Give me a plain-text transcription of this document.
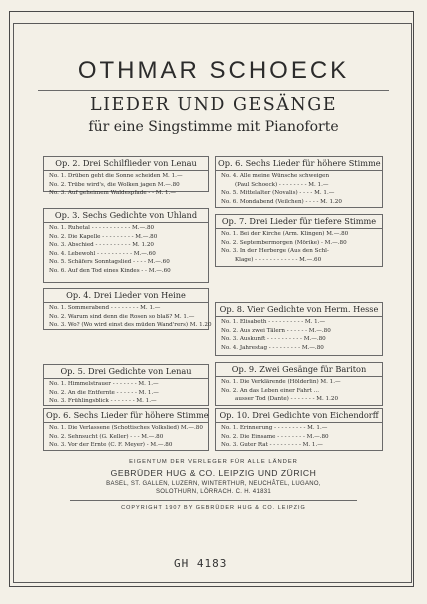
OTHMAR SCHOECK
LIEDER UND GESÄNGE
für eine Singstimme mit Pianoforte
Op. 2. Drei Schilflieder von Lenau
No. 1. Drüben geht die Sonne scheiden M. 1.—
No. 2. Trübe wird's, die Wolken jagen M.—.80
No. 3. Auf geheimem Waldespfade - - M. 1.—
Op. 3. Sechs Gedichte von Uhland
No. 1. Ruhetal - - - - - - - - - - - M.—.80
No. 2. Die Kapelle - - - - - - - - - M.—.80
No. 3. Abschied - - - - - - - - - - M. 1.20
No. 4. Lebewohl - - - - - - - - - - M.—.60
No. 5. Schäfers Sonntagslied - - - - M.—.60
No. 6. Auf den Tod eines Kindes - - M.—.60
Op. 4. Drei Lieder von Heine
No. 1. Sommerabend - - - - - - - - M. 1.—
No. 2. Warum sind denn die Rosen so blaß? M. 1.—
No. 3. Wo? (Wo wird einst des müden Wand'rers) M. 1.20
Op. 5. Drei Gedichte von Lenau
No. 1. Himmelstrauer - - - - - - - M. 1.—
No. 2. An die Entfernte - - - - - - M. 1.—
No. 3. Frühlingsblick - - - - - - - M. 1.—
Op. 6. Sechs Lieder für höhere Stimme
No. 1. Die Verlassene (Schottisches Volkslied) M.—.80
No. 2. Sehnsucht (G. Keller) - - - M.—.80
No. 3. Vor der Ernte (C. F. Meyer) - M.—.80
Op. 6. Sechs Lieder für höhere Stimme
No. 4. Alle meine Wünsche schweigen
(Paul Schoeck) - - - - - - - - M. 1.—
No. 5. Mittelalter (Novalis) - - - - M. 1.—
No. 6. Mondabend (Veilchen) - - - - M. 1.20
Op. 7. Drei Lieder für tiefere Stimme
No. 1. Bei der Kirche (Arm. Klingen) M.—.80
No. 2. Septembermorgen (Mörike) - M.—.80
No. 3. In der Herberge (Aus den Schl-
Klage) - - - - - - - - - - - - M.—.60
Op. 8. Vier Gedichte von Herm. Hesse
No. 1. Elisabeth - - - - - - - - - - M. 1.—
No. 2. Aus zwei Tälern - - - - - - M.—.80
No. 3. Auskunft - - - - - - - - - - M.—.80
No. 4. Jahrestag - - - - - - - - - M.—.80
Op. 9. Zwei Gesänge für Bariton
No. 1. Die Verklärende (Hölderlin) M. 1.—
No. 2. An das Leben einer Fahrt ...
ausser Tod (Dante) - - - - - - - M. 1.20
Op. 10. Drei Gedichte von Eichendorff
No. 1. Erinnerung - - - - - - - - - M. 1.—
No. 2. Die Einsame - - - - - - - - M.—.80
No. 3. Guter Rat - - - - - - - - - M. 1.—
EIGENTUM DER VERLEGER FÜR ALLE LÄNDER
GEBRÜDER HUG & CO. LEIPZIG UND ZÜRICH
BASEL, ST. GALLEN, LUZERN, WINTERTHUR, NEUCHÂTEL, LUGANO,
SOLOTHURN, LÖRRACH. C. H. 41831
COPYRIGHT 1907 BY GEBRÜDER HUG & CO. LEIPZIG
GH 4183
